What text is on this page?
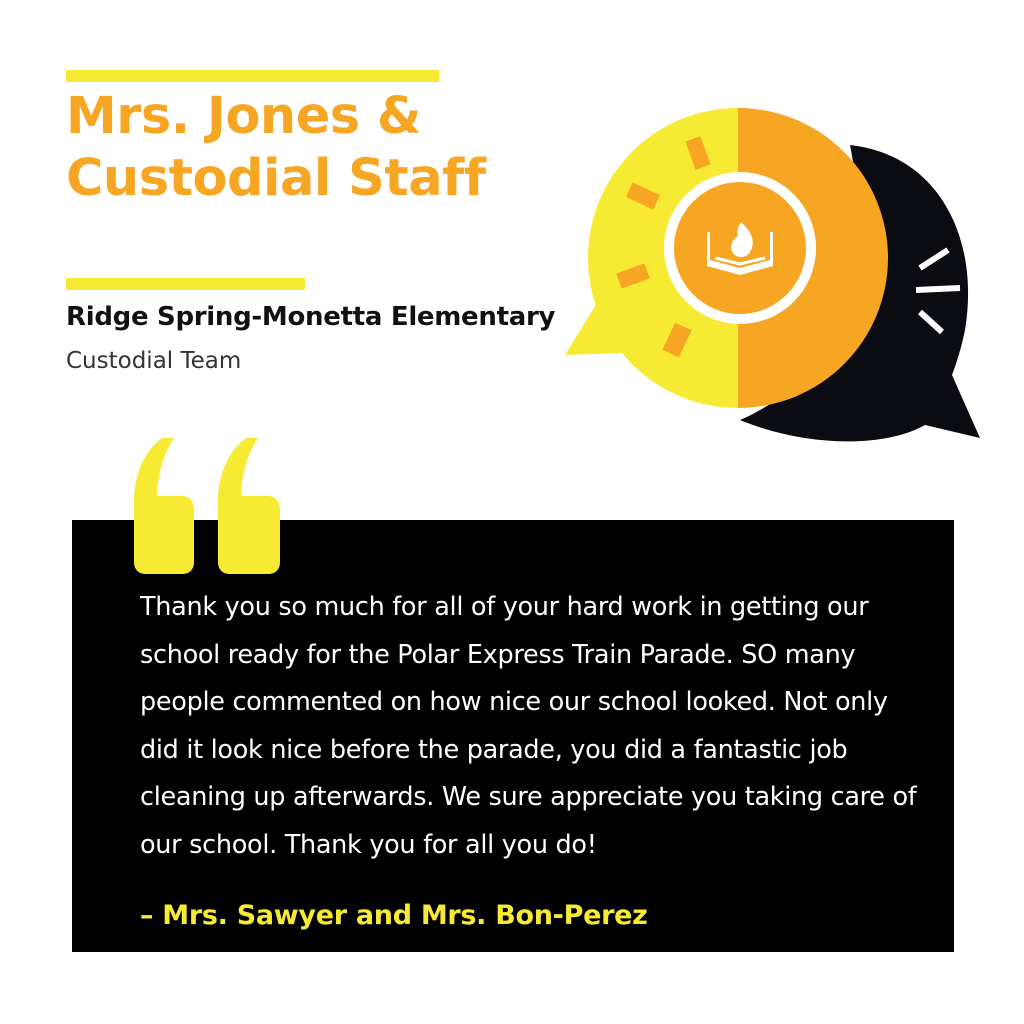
Mrs. Jones & Custodial Staff

Ridge Spring-Monetta Elementary

Custodial Team

Thank you so much for all of your hard work in getting our school ready for the Polar Express Train Parade. SO many people commented on how nice our school looked. Not only did it look nice before the parade, you did a fantastic job cleaning up afterwards. We sure appreciate you taking care of our school. Thank you for all you do!

– Mrs. Sawyer and Mrs. Bon-Perez
